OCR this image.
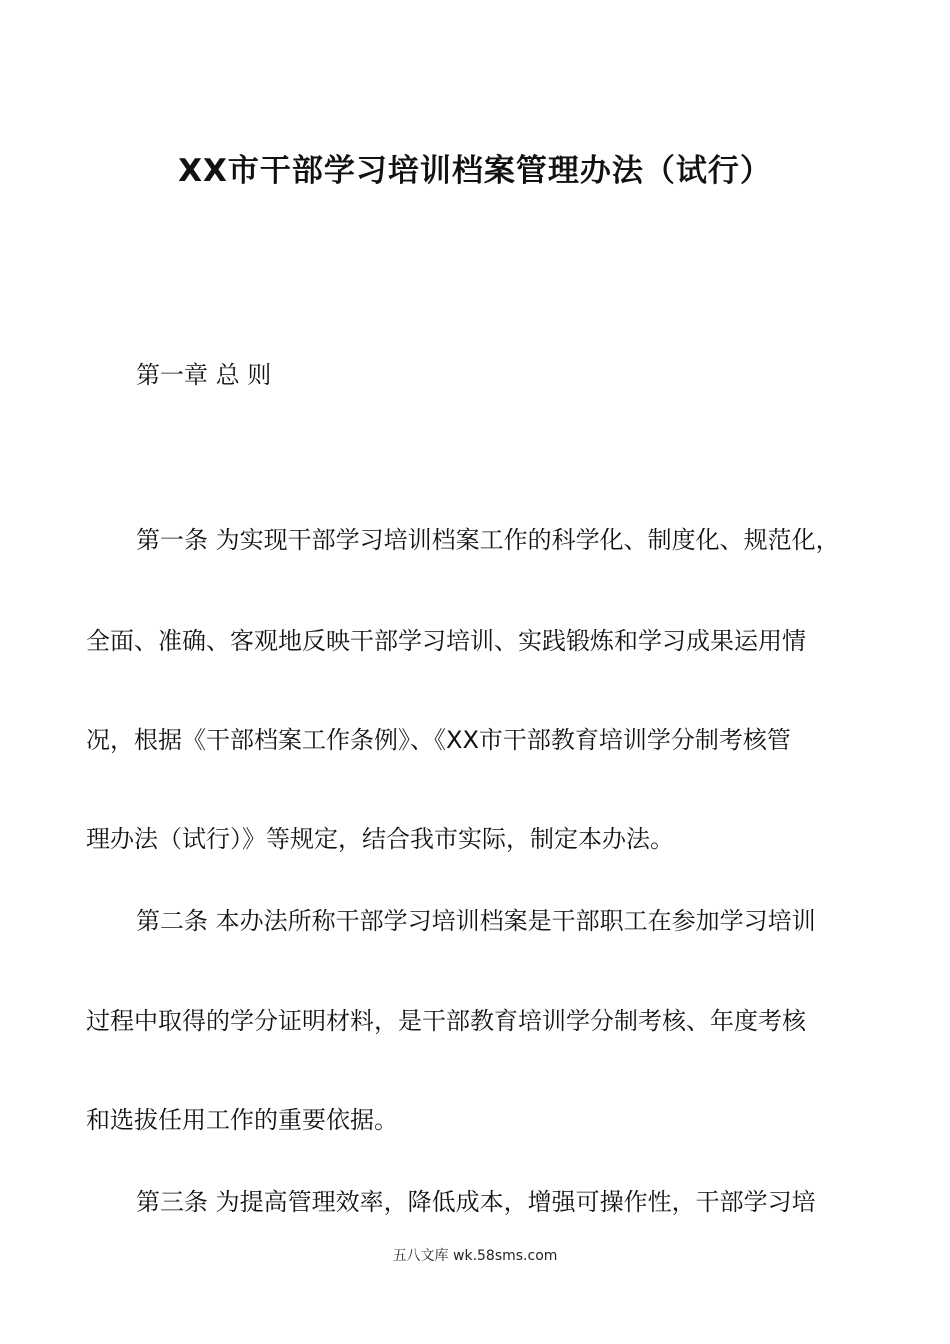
XX市干部学习培训档案管理办法（试行）

第一章 总 则

第一条 为实现干部学习培训档案工作的科学化、制度化、规范化，

全面、准确、客观地反映干部学习培训、实践锻炼和学习成果运用情

况，根据《干部档案工作条例》、《XX市干部教育培训学分制考核管

理办法（试行）》等规定，结合我市实际，制定本办法。

第二条 本办法所称干部学习培训档案是干部职工在参加学习培训

过程中取得的学分证明材料，是干部教育培训学分制考核、年度考核

和选拔任用工作的重要依据。

第三条 为提高管理效率，降低成本，增强可操作性，干部学习培

五八文库 wk.58sms.com
